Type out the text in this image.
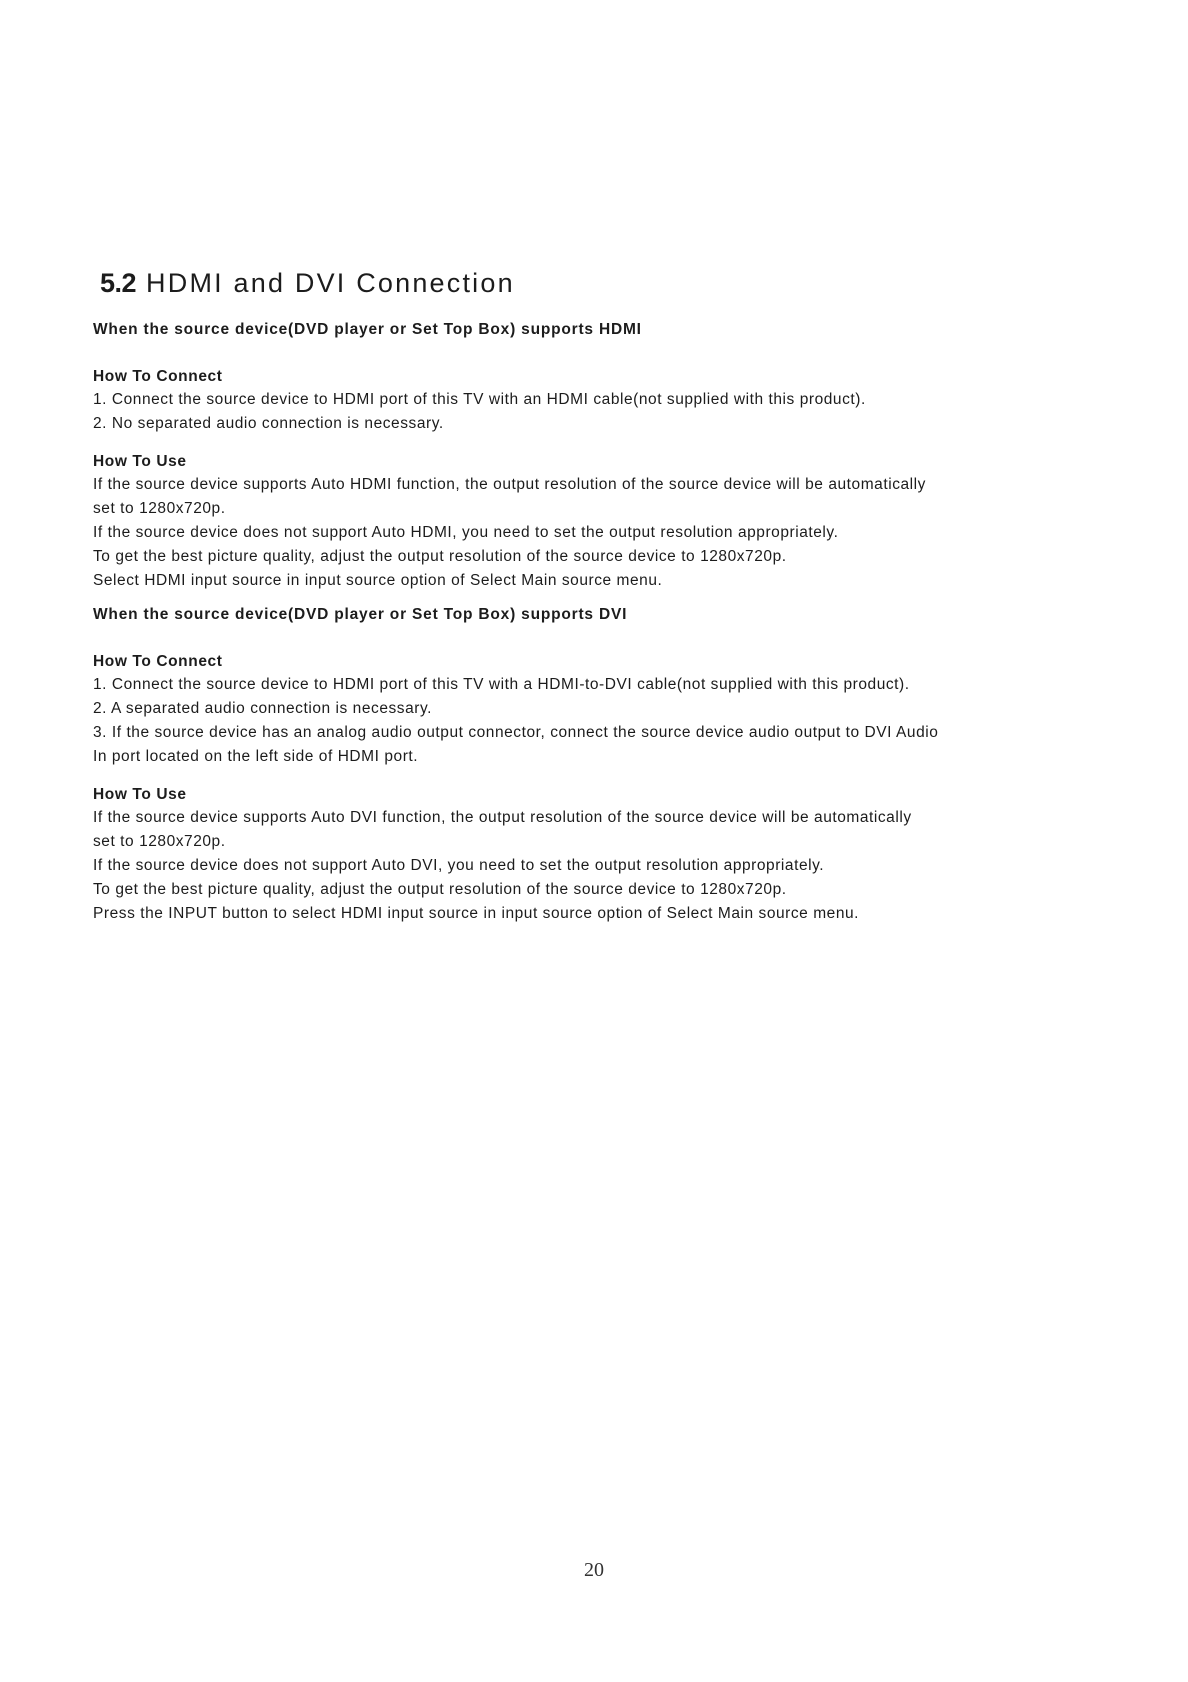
5.2 HDMI and DVI Connection

When the source device(DVD player or Set Top Box) supports HDMI

How To Connect

1. Connect the source device to HDMI port of this TV with an HDMI cable(not supplied with this product).

2. No separated audio connection is necessary.

How To Use

If the source device supports Auto HDMI function, the output resolution of the source device will be automatically

set to 1280x720p.

If the source device does not support Auto HDMI, you need to set the output resolution appropriately.

To get the best picture quality, adjust the output resolution of the source device to 1280x720p.

Select HDMI input source in input source option of Select Main source menu.

When the source device(DVD player or Set Top Box) supports DVI

How To Connect

1. Connect the source device to HDMI port of this TV with a HDMI-to-DVI cable(not supplied with this product).

2. A separated audio connection is necessary.

3. If the source device has an analog audio output connector, connect the source device audio output to DVI Audio

In port located on the left side of HDMI port.

How To Use

If the source device supports Auto DVI function, the output resolution of the source device will be automatically

set to 1280x720p.

If the source device does not support Auto DVI, you need to set the output resolution appropriately.

To get the best picture quality, adjust the output resolution of the source device to 1280x720p.

Press the INPUT button to select HDMI input source in input source option of Select Main source menu.

20
